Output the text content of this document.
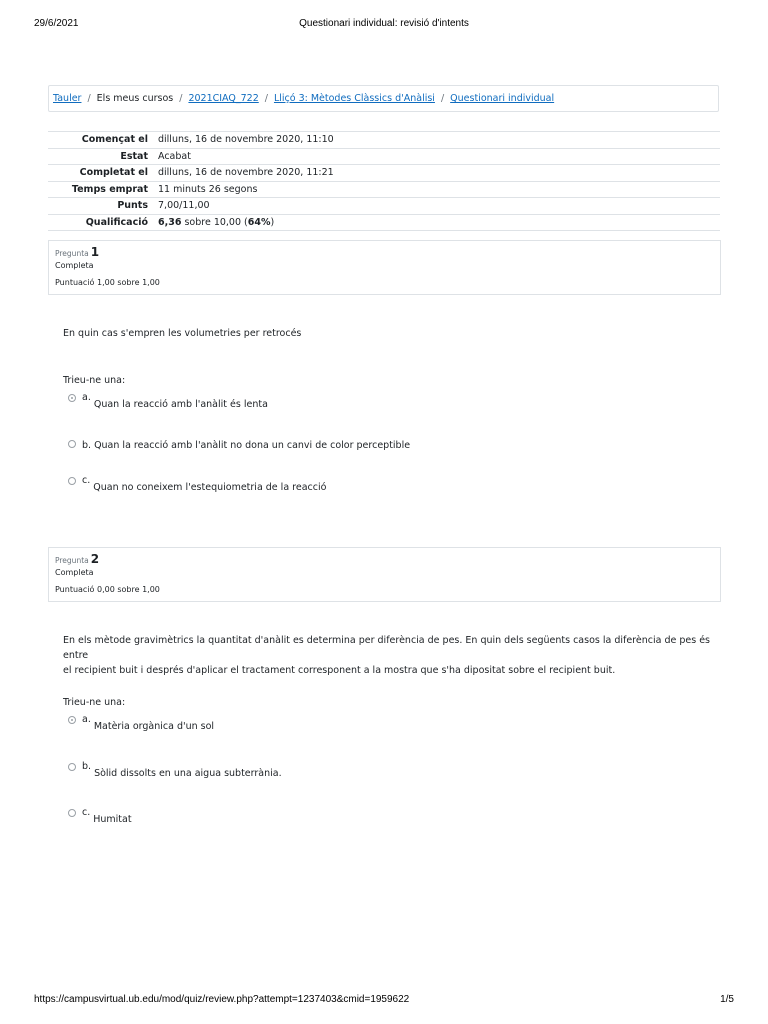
29/6/2021	Questionari individual: revisió d'intents
Tauler / Els meus cursos / 2021CIAQ_722 / Lliçó 3: Mètodes Clàssics d'Anàlisi / Questionari individual
Començat el	dilluns, 16 de novembre 2020, 11:10
Estat	Acabat
Completat el	dilluns, 16 de novembre 2020, 11:21
Temps emprat	11 minuts 26 segons
Punts	7,00/11,00
Qualificació	6,36 sobre 10,00 (64%)
Pregunta 1
Completa
Puntuació 1,00 sobre 1,00
En quin cas s'empren les volumetries per retrocés
Trieu-ne una:
a.
Quan la reacció amb l'anàlit és lenta
b. Quan la reacció amb l'anàlit no dona un canvi de color perceptible
c.
Quan no coneixem l'estequiometria de la reacció
Pregunta 2
Completa
Puntuació 0,00 sobre 1,00
En els mètode gravimètrics la quantitat d'anàlit es determina per diferència de pes. En quin dels següents casos la diferència de pes és entre
el recipient buit i després d'aplicar el tractament corresponent a la mostra que s'ha dipositat sobre el recipient buit.
Trieu-ne una:
a.
Matèria orgànica d'un sol
b.
Sòlid dissolts en una aigua subterrània.
c.
Humitat
https://campusvirtual.ub.edu/mod/quiz/review.php?attempt=1237403&cmid=1959622	1/5
